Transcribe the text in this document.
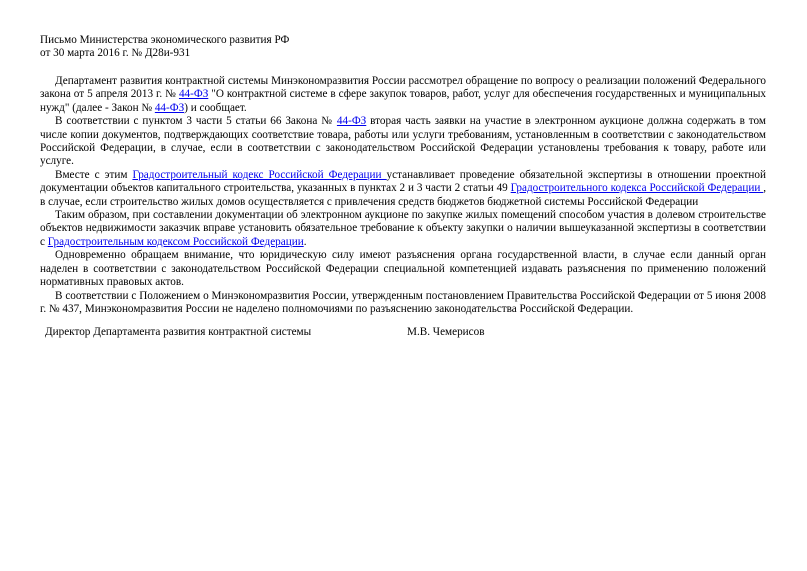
Письмо Министерства экономического развития РФ
от 30 марта 2016 г. № Д28и-931

Департамент развития контрактной системы Минэкономразвития России рассмотрел обращение по вопросу о реализации положений Федерального закона от 5 апреля 2013 г. № 44-ФЗ "О контрактной системе в сфере закупок товаров, работ, услуг для обеспечения государственных и муниципальных нужд" (далее - Закон № 44-ФЗ) и сообщает.

В соответствии с пунктом 3 части 5 статьи 66 Закона № 44-ФЗ вторая часть заявки на участие в электронном аукционе должна содержать в том числе копии документов, подтверждающих соответствие товара, работы или услуги требованиям, установленным в соответствии с законодательством Российской Федерации, в случае, если в соответствии с законодательством Российской Федерации установлены требования к товару, работе или услуге.

Вместе с этим Градостроительный кодекс Российской Федерации устанавливает проведение обязательной экспертизы в отношении проектной документации объектов капитального строительства, указанных в пунктах 2 и 3 части 2 статьи 49 Градостроительного кодекса Российской Федерации , в случае, если строительство жилых домов осуществляется с привлечения средств бюджетов бюджетной системы Российской Федерации

Таким образом, при составлении документации об электронном аукционе по закупке жилых помещений способом участия в долевом строительстве объектов недвижимости заказчик вправе установить обязательное требование к объекту закупки о наличии вышеуказанной экспертизы в соответствии с Градостроительным кодексом Российской Федерации.

Одновременно обращаем внимание, что юридическую силу имеют разъяснения органа государственной власти, в случае если данный орган наделен в соответствии с законодательством Российской Федерации специальной компетенцией издавать разъяснения по применению положений нормативных правовых актов.

В соответствии с Положением о Минэкономразвития России, утвержденным постановлением Правительства Российской Федерации от 5 июня 2008 г. № 437, Минэкономразвития России не наделено полномочиями по разъяснению законодательства Российской Федерации.

Директор Департамента развития контрактной системы	М.В. Чемерисов
